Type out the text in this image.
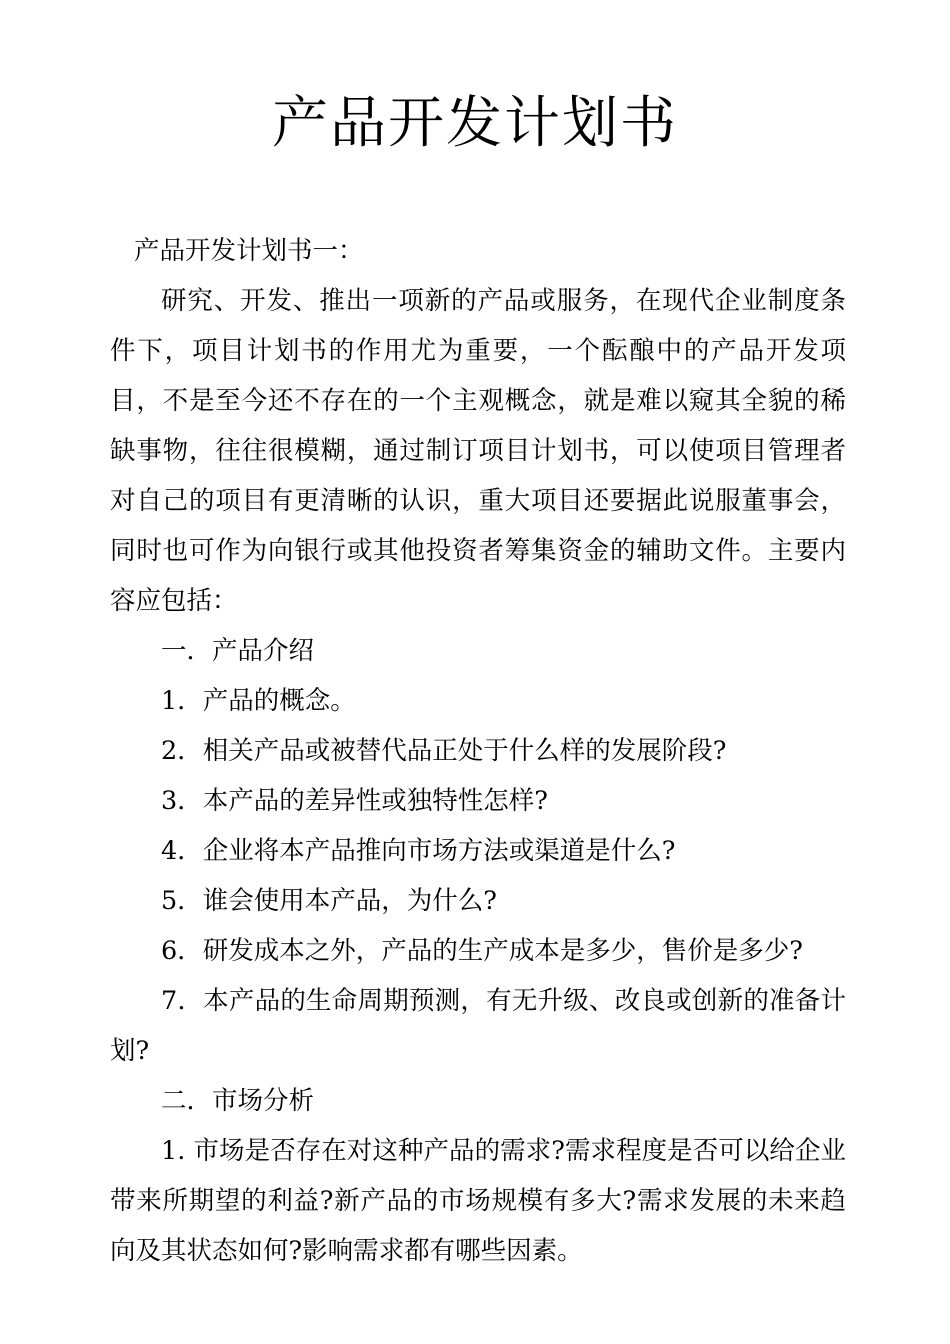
产品开发计划书

产品开发计划书一：

研究、开发、推出一项新的产品或服务，在现代企业制度条件下，项目计划书的作用尤为重要，一个酝酿中的产品开发项目，不是至今还不存在的一个主观概念，就是难以窥其全貌的稀缺事物，往往很模糊，通过制订项目计划书，可以使项目管理者对自己的项目有更清晰的认识，重大项目还要据此说服董事会，同时也可作为向银行或其他投资者筹集资金的辅助文件。主要内容应包括：

一．产品介绍

1．产品的概念。

2．相关产品或被替代品正处于什么样的发展阶段?

3．本产品的差异性或独特性怎样?

4．企业将本产品推向市场方法或渠道是什么?

5．谁会使用本产品，为什么?

6．研发成本之外，产品的生产成本是多少，售价是多少?

7．本产品的生命周期预测，有无升级、改良或创新的准备计划?

二．市场分析

1. 市场是否存在对这种产品的需求?需求程度是否可以给企业带来所期望的利益?新产品的市场规模有多大?需求发展的未来趋向及其状态如何?影响需求都有哪些因素。
